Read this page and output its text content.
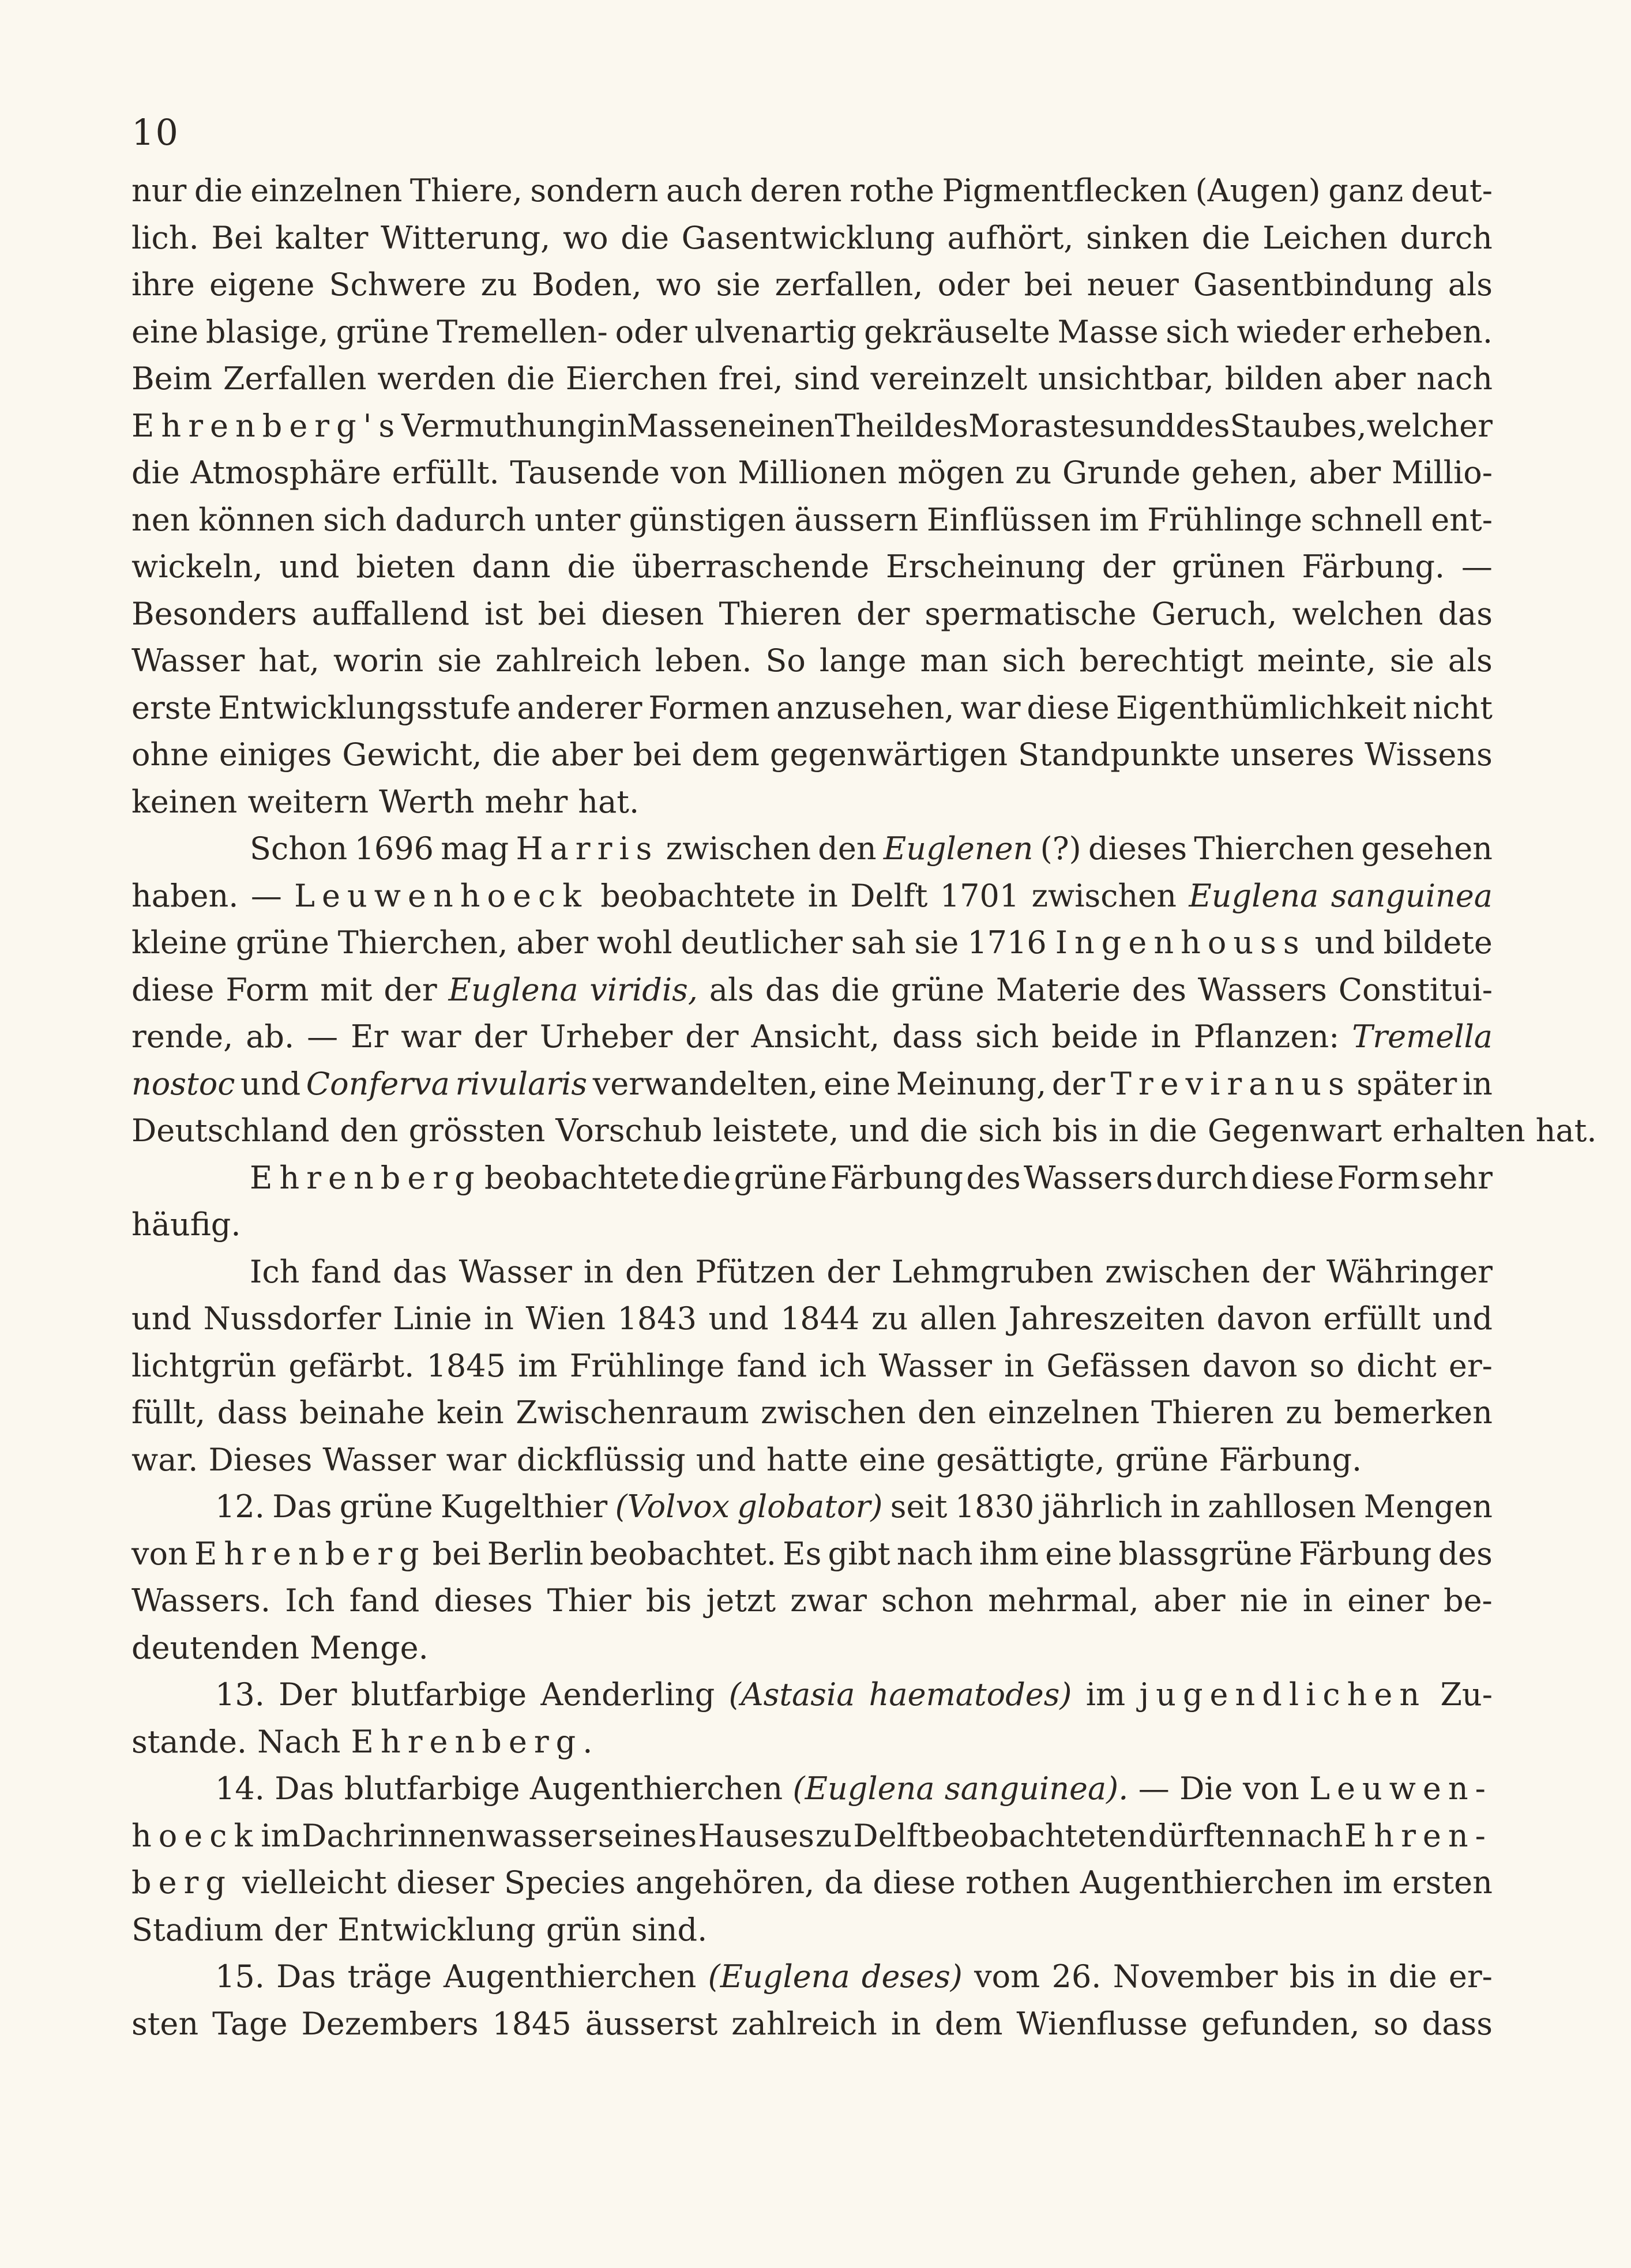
10
nur die einzelnen Thiere, sondern auch deren rothe Pigmentflecken (Augen) ganz deut-
lich. Bei kalter Witterung, wo die Gasentwicklung aufhört, sinken die Leichen durch
ihre eigene Schwere zu Boden, wo sie zerfallen, oder bei neuer Gasentbindung als
eine blasige, grüne Tremellen- oder ulvenartig gekräuselte Masse sich wieder erheben.
Beim Zerfallen werden die Eierchen frei, sind vereinzelt unsichtbar, bilden aber nach
Ehrenberg's Vermuthung in Massen einen Theil des Morastes und des Staubes, welcher
die Atmosphäre erfüllt. Tausende von Millionen mögen zu Grunde gehen, aber Millio-
nen können sich dadurch unter günstigen äussern Einflüssen im Frühlinge schnell ent-
wickeln, und bieten dann die überraschende Erscheinung der grünen Färbung. —
Besonders auffallend ist bei diesen Thieren der spermatische Geruch, welchen das
Wasser hat, worin sie zahlreich leben. So lange man sich berechtigt meinte, sie als
erste Entwicklungsstufe anderer Formen anzusehen, war diese Eigenthümlichkeit nicht
ohne einiges Gewicht, die aber bei dem gegenwärtigen Standpunkte unseres Wissens
keinen weitern Werth mehr hat.
Schon 1696 mag Harris zwischen den Euglenen (?) dieses Thierchen gesehen
haben. — Leuwenhoeck beobachtete in Delft 1701 zwischen Euglena sanguinea
kleine grüne Thierchen, aber wohl deutlicher sah sie 1716 Ingenhouss und bildete
diese Form mit der Euglena viridis, als das die grüne Materie des Wassers Constitui-
rende, ab. — Er war der Urheber der Ansicht, dass sich beide in Pflanzen: Tremella
nostoc und Conferva rivularis verwandelten, eine Meinung, der Treviranus später in
Deutschland den grössten Vorschub leistete, und die sich bis in die Gegenwart erhalten hat.
Ehrenberg beobachtete die grüne Färbung des Wassers durch diese Form sehr
häufig.
Ich fand das Wasser in den Pfützen der Lehmgruben zwischen der Währinger
und Nussdorfer Linie in Wien 1843 und 1844 zu allen Jahreszeiten davon erfüllt und
lichtgrün gefärbt. 1845 im Frühlinge fand ich Wasser in Gefässen davon so dicht er-
füllt, dass beinahe kein Zwischenraum zwischen den einzelnen Thieren zu bemerken
war. Dieses Wasser war dickflüssig und hatte eine gesättigte, grüne Färbung.
12. Das grüne Kugelthier (Volvox globator) seit 1830 jährlich in zahllosen Mengen
von Ehrenberg bei Berlin beobachtet. Es gibt nach ihm eine blassgrüne Färbung des
Wassers. Ich fand dieses Thier bis jetzt zwar schon mehrmal, aber nie in einer be-
deutenden Menge.
13. Der blutfarbige Aenderling (Astasia haematodes) im jugendlichen Zu-
stande. Nach Ehrenberg.
14. Das blutfarbige Augenthierchen (Euglena sanguinea). — Die von Leuwen-
hoeck im Dachrinnenwasser seines Hauses zu Delft beobachteten dürften nach Ehren-
berg vielleicht dieser Species angehören, da diese rothen Augenthierchen im ersten
Stadium der Entwicklung grün sind.
15. Das träge Augenthierchen (Euglena deses) vom 26. November bis in die er-
sten Tage Dezembers 1845 äusserst zahlreich in dem Wienflusse gefunden, so dass
